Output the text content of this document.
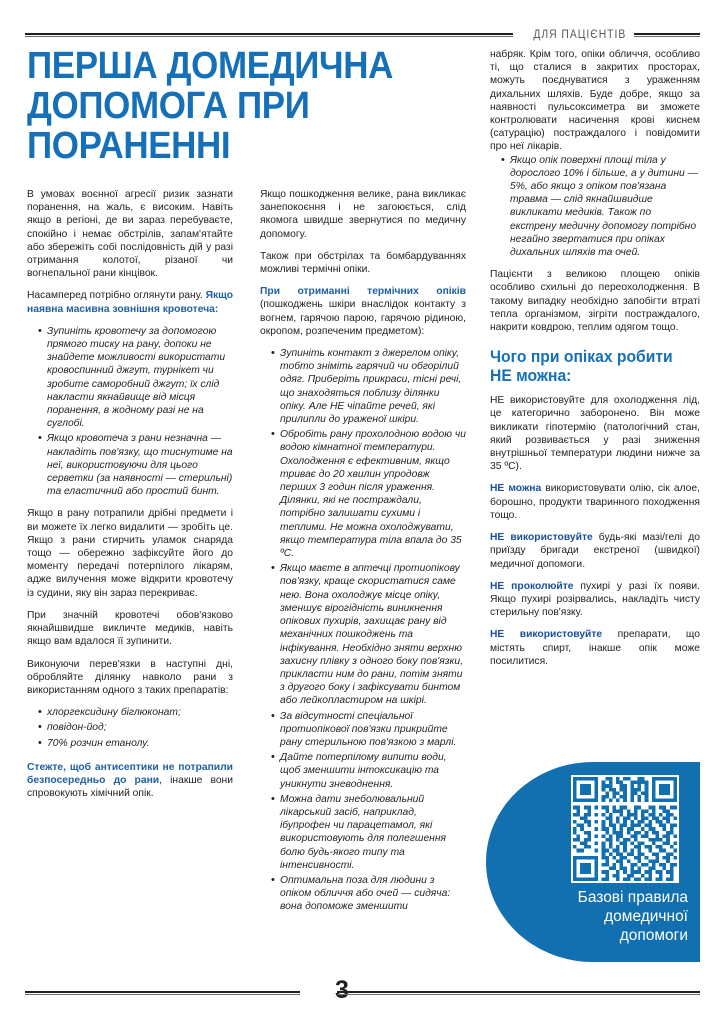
ДЛЯ ПАЦІЄНТІВ
ПЕРША ДОМЕДИЧНА
ДОПОМОГА ПРИ
ПОРАНЕННІ

В умовах воєнної агресії ризик зазнати поранення, на жаль, є високим. Навіть якщо в регіоні, де ви зараз перебуваєте, спокійно і немає обстрілів, запам'ятайте або збережіть собі послідовність дій у разі отримання колотої, різаної чи вогнепальної рани кінцівок.

Насамперед потрібно оглянути рану. Якщо наявна масивна зовнішня кровотеча:

• Зупиніть кровотечу за допомогою прямого тиску на рану, допоки не знайдете можливості використати кровоспинний джгут, турнікет чи зробите саморобний джгут; їх слід накласти якнайвище від місця поранення, в жодному разі не на суглобі.
• Якщо кровотеча з рани незначна — накладіть пов'язку, що тиснутиме на неї, використовуючи для цього серветки (за наявності — стерильні) та еластичний або простий бинт.

Якщо в рану потрапили дрібні предмети і ви можете їх легко видалити — зробіть це. Якщо з рани стирчить уламок снаряда тощо — обережно зафіксуйте його до моменту передачі потерпілого лікарям, адже вилучення може відкрити кровотечу із судини, яку він зараз перекриває.

При значній кровотечі обов'язково якнайшвидше викличте медиків, навіть якщо вам вдалося її зупинити.

Виконуючи перев'язки в наступні дні, обробляйте ділянку навколо рани з використанням одного з таких препаратів:

• хлоргексидину бiглюконат;
• повідон-йод;
• 70% розчин етанолу.

Стежте, щоб антисептики не потрапили безпосередньо до рани, інакше вони спровокують хімічний опік.

Якщо пошкодження велике, рана викликає занепокоєння і не загоюється, слід якомога швидше звернутися по медичну допомогу.

Також при обстрілах та бомбардуваннях можливі термічні опіки.

При отриманні термічних опіків (пошкоджень шкіри внаслідок контакту з вогнем, гарячою парою, гарячою рідиною, окропом, розпеченим предметом):

• Зупиніть контакт з джерелом опіку, тобто зніміть гарячий чи обгорілий одяг. Приберіть прикраси, тісні речі, що знаходяться поблизу ділянки опіку. Але НЕ чіпайте речей, які прилипли до ураженої шкіри.
• Обробіть рану прохолодною водою чи водою кімнатної температури. Охолодження є ефективним, якщо триває до 20 хвилин упродовж перших 3 годин після ураження. Ділянки, які не постраждали, потрібно залишати сухими і теплими. Не можна охолоджувати, якщо температура тіла впала до 35 ºС.
• Якщо маєте в аптечці протиопікову пов'язку, краще скористатися саме нею. Вона охолоджує місце опіку, зменшує вірогідність виникнення опікових пухирів, захищає рану від механічних пошкоджень та інфікування. Необхідно зняти верхню захисну плівку з одного боку пов'язки, прикласти ним до рани, потім зняти з другого боку і зафіксувати бинтом або лейкопластиром на шкірі.
• За відсутності спеціальної протиопікової пов'язки прикрийте рану стерильною пов'язкою з марлі.
• Дайте потерпілому випити води, щоб зменшити інтоксикацію та уникнути зневоднення.
• Можна дати знеболювальний лікарський засіб, наприклад, ібупрофен чи парацетамол, які використовують для полегшення болю будь-якого типу та інтенсивності.
• Оптимальна поза для людини з опіком обличчя або очей — сидяча: вона допоможе зменшити

набряк. Крім того, опіки обличчя, особливо ті, що сталися в закритих просторах, можуть поєднуватися з ураженням дихальних шляхів. Буде добре, якщо за наявності пульсоксиметра ви зможете контролювати насичення крові киснем (сатурацію) постраждалого і повідомити про неї лікарів.

• Якщо опік поверхні площі тіла у дорослого 10% і більше, а у дитини — 5%, або якщо з опіком пов'язана травма — слід якнайшвидше викликати медиків. Також по екстрену медичну допомогу потрібно негайно звертатися при опіках дихальних шляхів та очей.

Пацієнти з великою площею опіків особливо схильні до переохолодження. В такому випадку необхідно запобігти втраті тепла організмом, зігріти постраждалого, накрити ковдрою, теплим одягом тощо.

Чого при опіках робити
НЕ можна:

НЕ використовуйте для охолодження лід, це категорично заборонено. Він може викликати гіпотермію (патологічний стан, який розвивається у разі зниження внутрішньої температури людини нижче за 35 ºС).

НЕ можна використовувати олію, сік алое, борошно, продукти тваринного походження тощо.

НЕ використовуйте будь-які мазі/гелі до приїзду бригади екстреної (швидкої) медичної допомоги.

НЕ проколюйте пухирі у разі їх появи. Якщо пухирі розірвались, накладіть чисту стерильну пов'язку.

НЕ використовуйте препарати, що містять спирт, інакше опік може посилитися.

Базові правила
домедичної
допомоги
3
